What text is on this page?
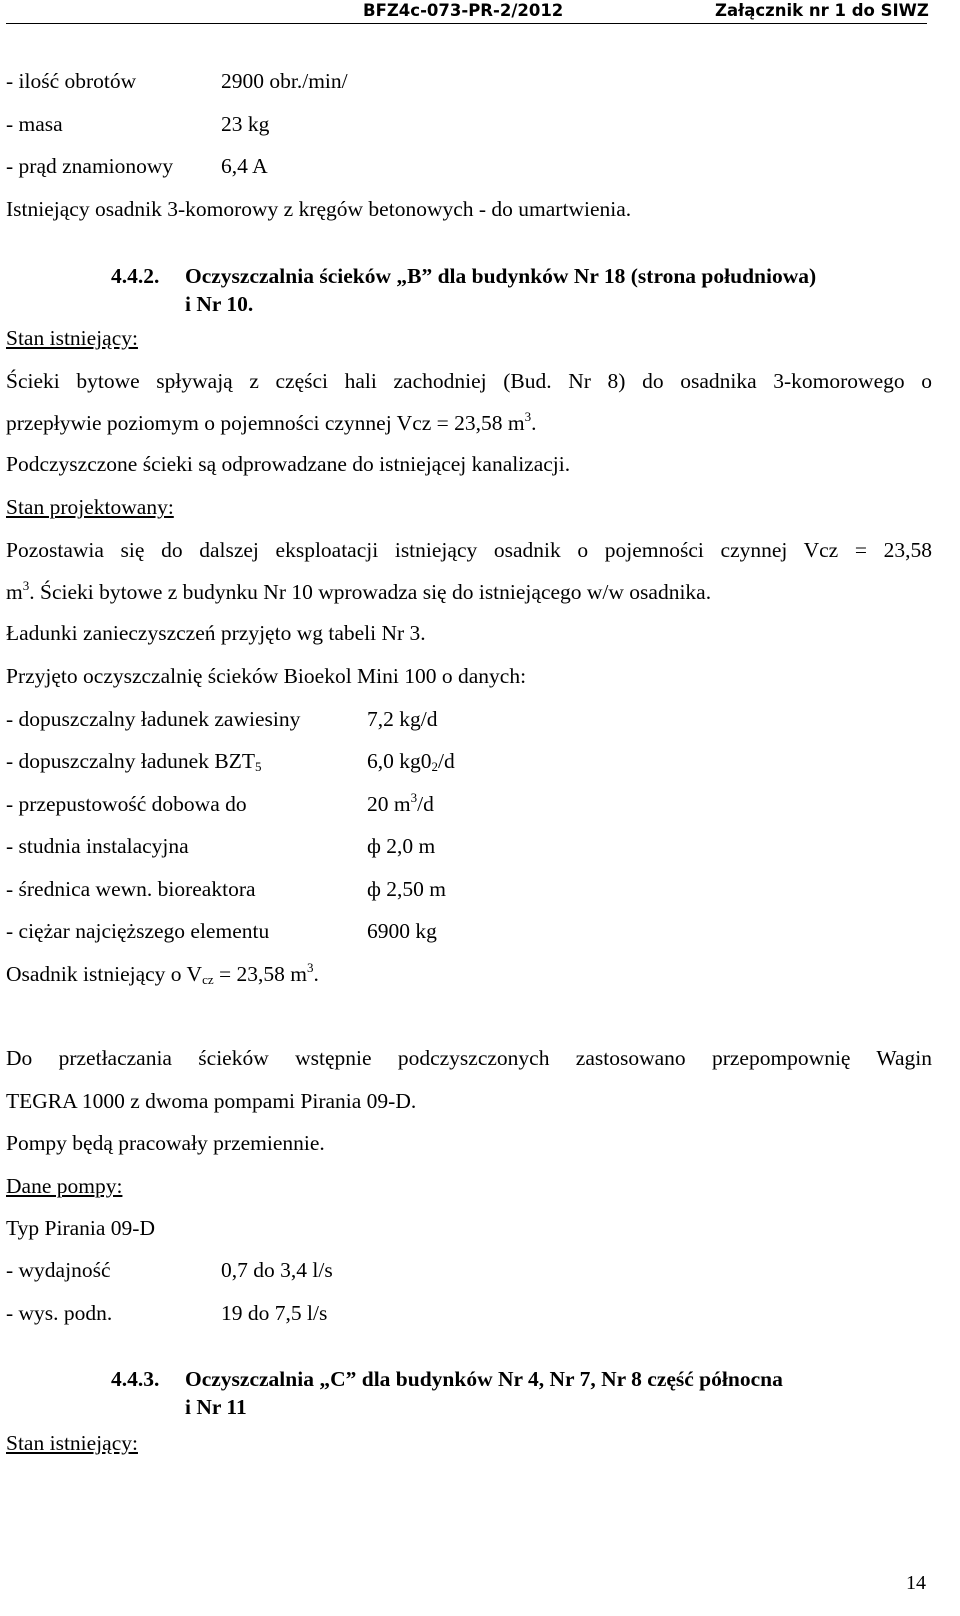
BFZ4c-073-PR-2/2012	Załącznik nr 1 do SIWZ
- ilość obrotów	2900 obr./min/
- masa	23 kg
- prąd znamionowy 6,4 A
Istniejący osadnik 3-komorowy z kręgów betonowych - do umartwienia.
4.4.2. Oczyszczalnia ścieków „B” dla budynków Nr 18 (strona południowa)
i Nr 10.
Stan istniejący:
Ścieki bytowe spływają z części hali zachodniej (Bud. Nr 8) do osadnika 3-komorowego o
przepływie poziomym o pojemności czynnej Vcz = 23,58 $m^3$.
Podczyszczone ścieki są odprowadzane do istniejącej kanalizacji.
Stan projektowany:
Pozostawia się do dalszej eksploatacji istniejący osadnik o pojemności czynnej Vcz = 23,58
$m^3$. Ścieki bytowe z budynku Nr 10 wprowadza się do istniejącego w/w osadnika.
Ładunki zanieczyszczeń przyjęto wg tabeli Nr 3.
Przyjęto oczyszczalnię ścieków Bioekol Mini 100 o danych:
- dopuszczalny ładunek zawiesiny	7,2 kg/d
- dopuszczalny ładunek $BZT_5$	6,0 $kg0_2/d$
- przepustowość dobowa do	20 $m^3/d$
- studnia instalacyjna	ф 2,0 m
- średnica wewn. bioreaktora	ф 2,50 m
- ciężar najcięższego elementu	6900 kg
Osadnik istniejący o $V_{cz} = 23,58$ $m^3$.
Do przetłaczania ścieków wstępnie podczyszczonych zastosowano przepompownię Wagin
TEGRA 1000 z dwoma pompami Pirania 09-D.
Pompy będą pracowały przemiennie.
Dane pompy:
Typ Pirania 09-D
- wydajność	0,7 do 3,4 l/s
- wys. podn.	19 do 7,5 l/s
4.4.3. Oczyszczalnia „C” dla budynków Nr 4, Nr 7, Nr 8 część północna
i Nr 11
Stan istniejący:
14
